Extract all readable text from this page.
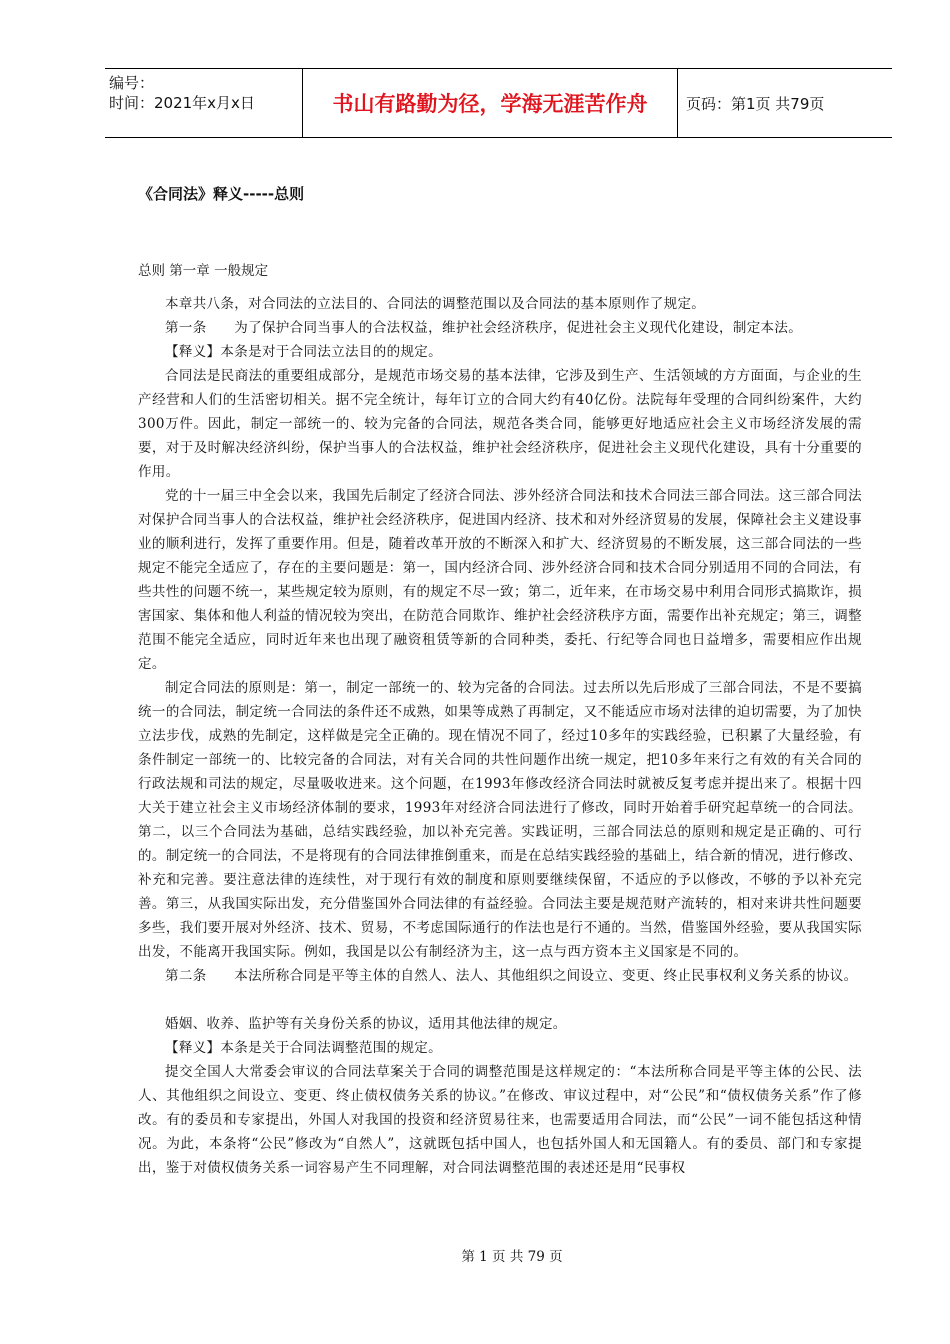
编号：
时间：2021年x月x日	书山有路勤为径，学海无涯苦作舟	页码：第1页 共79页
《合同法》释义-----总则
总则 第一章 一般规定

本章共八条，对合同法的立法目的、合同法的调整范围以及合同法的基本原则作了规定。

第一条　　为了保护合同当事人的合法权益，维护社会经济秩序，促进社会主义现代化建设，制定本法。

【释义】本条是对于合同法立法目的的规定。

合同法是民商法的重要组成部分，是规范市场交易的基本法律，它涉及到生产、生活领域的方方面面，与企业的生产经营和人们的生活密切相关。据不完全统计，每年订立的合同大约有40亿份。法院每年受理的合同纠纷案件，大约300万件。因此，制定一部统一的、较为完备的合同法，规范各类合同，能够更好地适应社会主义市场经济发展的需要，对于及时解决经济纠纷，保护当事人的合法权益，维护社会经济秩序，促进社会主义现代化建设，具有十分重要的作用。

党的十一届三中全会以来，我国先后制定了经济合同法、涉外经济合同法和技术合同法三部合同法。这三部合同法对保护合同当事人的合法权益，维护社会经济秩序，促进国内经济、技术和对外经济贸易的发展，保障社会主义建设事业的顺利进行，发挥了重要作用。但是，随着改革开放的不断深入和扩大、经济贸易的不断发展，这三部合同法的一些规定不能完全适应了，存在的主要问题是：第一，国内经济合同、涉外经济合同和技术合同分别适用不同的合同法，有些共性的问题不统一，某些规定较为原则，有的规定不尽一致；第二，近年来，在市场交易中利用合同形式搞欺诈，损害国家、集体和他人利益的情况较为突出，在防范合同欺诈、维护社会经济秩序方面，需要作出补充规定；第三，调整范围不能完全适应，同时近年来也出现了融资租赁等新的合同种类，委托、行纪等合同也日益增多，需要相应作出规定。

制定合同法的原则是：第一，制定一部统一的、较为完备的合同法。过去所以先后形成了三部合同法，不是不要搞统一的合同法，制定统一合同法的条件还不成熟，如果等成熟了再制定，又不能适应市场对法律的迫切需要，为了加快立法步伐，成熟的先制定，这样做是完全正确的。现在情况不同了，经过10多年的实践经验，已积累了大量经验，有条件制定一部统一的、比较完备的合同法，对有关合同的共性问题作出统一规定，把10多年来行之有效的有关合同的行政法规和司法的规定，尽量吸收进来。这个问题，在1993年修改经济合同法时就被反复考虑并提出来了。根据十四大关于建立社会主义市场经济体制的要求，1993年对经济合同法进行了修改，同时开始着手研究起草统一的合同法。第二，以三个合同法为基础，总结实践经验，加以补充完善。实践证明，三部合同法总的原则和规定是正确的、可行的。制定统一的合同法，不是将现有的合同法律推倒重来，而是在总结实践经验的基础上，结合新的情况，进行修改、补充和完善。要注意法律的连续性，对于现行有效的制度和原则要继续保留，不适应的予以修改，不够的予以补充完善。第三，从我国实际出发，充分借鉴国外合同法律的有益经验。合同法主要是规范财产流转的，相对来讲共性问题要多些，我们要开展对外经济、技术、贸易，不考虑国际通行的作法也是行不通的。当然，借鉴国外经验，要从我国实际出发，不能离开我国实际。例如，我国是以公有制经济为主，这一点与西方资本主义国家是不同的。

第二条　　本法所称合同是平等主体的自然人、法人、其他组织之间设立、变更、终止民事权利义务关系的协议。

婚姻、收养、监护等有关身份关系的协议，适用其他法律的规定。

【释义】本条是关于合同法调整范围的规定。

提交全国人大常委会审议的合同法草案关于合同的调整范围是这样规定的：“本法所称合同是平等主体的公民、法人、其他组织之间设立、变更、终止债权债务关系的协议。”在修改、审议过程中，对“公民”和“债权债务关系”作了修改。有的委员和专家提出，外国人对我国的投资和经济贸易往来，也需要适用合同法，而“公民”一词不能包括这种情况。为此，本条将“公民”修改为“自然人”，这就既包括中国人，也包括外国人和无国籍人。有的委员、部门和专家提出，鉴于对债权债务关系一词容易产生不同理解，对合同法调整范围的表述还是用“民事权

第 1 页 共 79 页
